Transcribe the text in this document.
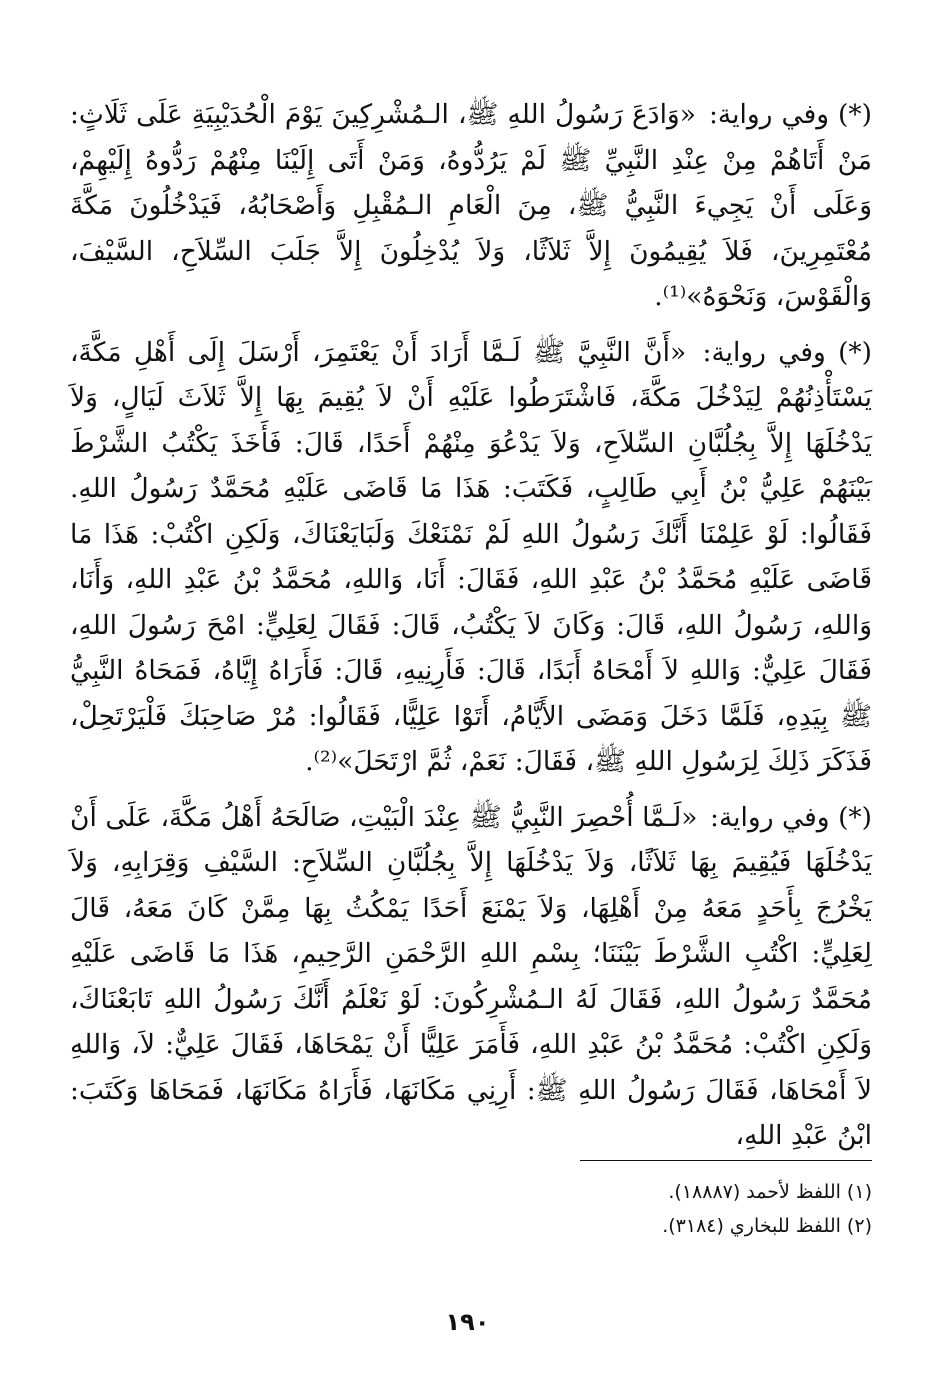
(*) وفي رواية: «وَادَعَ رَسُولُ اللهِ ﷺ، الـمُشْرِكِينَ يَوْمَ الْحُدَيْبِيَةِ عَلَى ثَلَاثٍ: مَنْ أَتَاهُمْ مِنْ عِنْدِ النَّبِيِّ ﷺ لَمْ يَرُدُّوهُ، وَمَنْ أَتَى إِلَيْنَا مِنْهُمْ رَدُّوهُ إِلَيْهِمْ، وَعَلَى أَنْ يَجِيءَ النَّبِيُّ ﷺ، مِنَ الْعَامِ الـمُقْبِلِ وَأَصْحَابُهُ، فَيَدْخُلُونَ مَكَّةَ مُعْتَمِرِينَ، فَلاَ يُقِيمُونَ إِلاَّ ثَلاَثًا، وَلاَ يُدْخِلُونَ إِلاَّ جَلَبَ السِّلاَحِ، السَّيْفَ، وَالْقَوْسَ، وَنَحْوَهُ»⁽¹⁾.

(*) وفي رواية: «أَنَّ النَّبِيَّ ﷺ لَـمَّا أَرَادَ أَنْ يَعْتَمِرَ، أَرْسَلَ إِلَى أَهْلِ مَكَّةَ، يَسْتَأْذِنُهُمْ لِيَدْخُلَ مَكَّةَ، فَاشْتَرَطُوا عَلَيْهِ أَنْ لاَ يُقِيمَ بِهَا إِلاَّ ثَلاَثَ لَيَالٍ، وَلاَ يَدْخُلَهَا إِلاَّ بِجُلُبَّانِ السِّلاَحِ، وَلاَ يَدْعُوَ مِنْهُمْ أَحَدًا، قَالَ: فَأَخَذَ يَكْتُبُ الشَّرْطَ بَيْنَهُمْ عَلِيُّ بْنُ أَبِي طَالِبٍ، فَكَتَبَ: هَذَا مَا قَاضَى عَلَيْهِ مُحَمَّدٌ رَسُولُ اللهِ. فَقَالُوا: لَوْ عَلِمْنَا أَنَّكَ رَسُولُ اللهِ لَمْ نَمْنَعْكَ وَلَبَايَعْنَاكَ، وَلَكِنِ اكْتُبْ: هَذَا مَا قَاضَى عَلَيْهِ مُحَمَّدُ بْنُ عَبْدِ اللهِ، فَقَالَ: أَنَا، وَاللهِ، مُحَمَّدُ بْنُ عَبْدِ اللهِ، وَأَنَا، وَاللهِ، رَسُولُ اللهِ، قَالَ: وَكَانَ لاَ يَكْتُبُ، قَالَ: فَقَالَ لِعَلِيٍّ: امْحَ رَسُولَ اللهِ، فَقَالَ عَلِيٌّ: وَاللهِ لاَ أَمْحَاهُ أَبَدًا، قَالَ: فَأَرِنِيهِ، قَالَ: فَأَرَاهُ إِيَّاهُ، فَمَحَاهُ النَّبِيُّ ﷺ بِيَدِهِ، فَلَمَّا دَخَلَ وَمَضَى الأَيَّامُ، أَتَوْا عَلِيًّا، فَقَالُوا: مُرْ صَاحِبَكَ فَلْيَرْتَحِلْ، فَذَكَرَ ذَلِكَ لِرَسُولِ اللهِ ﷺ، فَقَالَ: نَعَمْ، ثُمَّ ارْتَحَلَ»⁽²⁾.

(*) وفي رواية: «لَـمَّا أُحْصِرَ النَّبِيُّ ﷺ عِنْدَ الْبَيْتِ، صَالَحَهُ أَهْلُ مَكَّةَ، عَلَى أَنْ يَدْخُلَهَا فَيُقِيمَ بِهَا ثَلاَثًا، وَلاَ يَدْخُلَهَا إِلاَّ بِجُلُبَّانِ السِّلاَحِ: السَّيْفِ وَقِرَابِهِ، وَلاَ يَخْرُجَ بِأَحَدٍ مَعَهُ مِنْ أَهْلِهَا، وَلاَ يَمْنَعَ أَحَدًا يَمْكُثُ بِهَا مِمَّنْ كَانَ مَعَهُ، قَالَ لِعَلِيٍّ: اكْتُبِ الشَّرْطَ بَيْنَنَا؛ بِسْمِ اللهِ الرَّحْمَنِ الرَّحِيمِ، هَذَا مَا قَاضَى عَلَيْهِ مُحَمَّدٌ رَسُولُ اللهِ، فَقَالَ لَهُ الـمُشْرِكُونَ: لَوْ نَعْلَمُ أَنَّكَ رَسُولُ اللهِ تَابَعْنَاكَ، وَلَكِنِ اكْتُبْ: مُحَمَّدُ بْنُ عَبْدِ اللهِ، فَأَمَرَ عَلِيًّا أَنْ يَمْحَاهَا، فَقَالَ عَلِيٌّ: لاَ، وَاللهِ لاَ أَمْحَاهَا، فَقَالَ رَسُولُ اللهِ ﷺ: أَرِنِي مَكَانَهَا، فَأَرَاهُ مَكَانَهَا، فَمَحَاهَا وَكَتَبَ: ابْنُ عَبْدِ اللهِ،

(١) اللفظ لأحمد (١٨٨٨٧).
(٢) اللفظ للبخاري (٣١٨٤).
١٩٠
